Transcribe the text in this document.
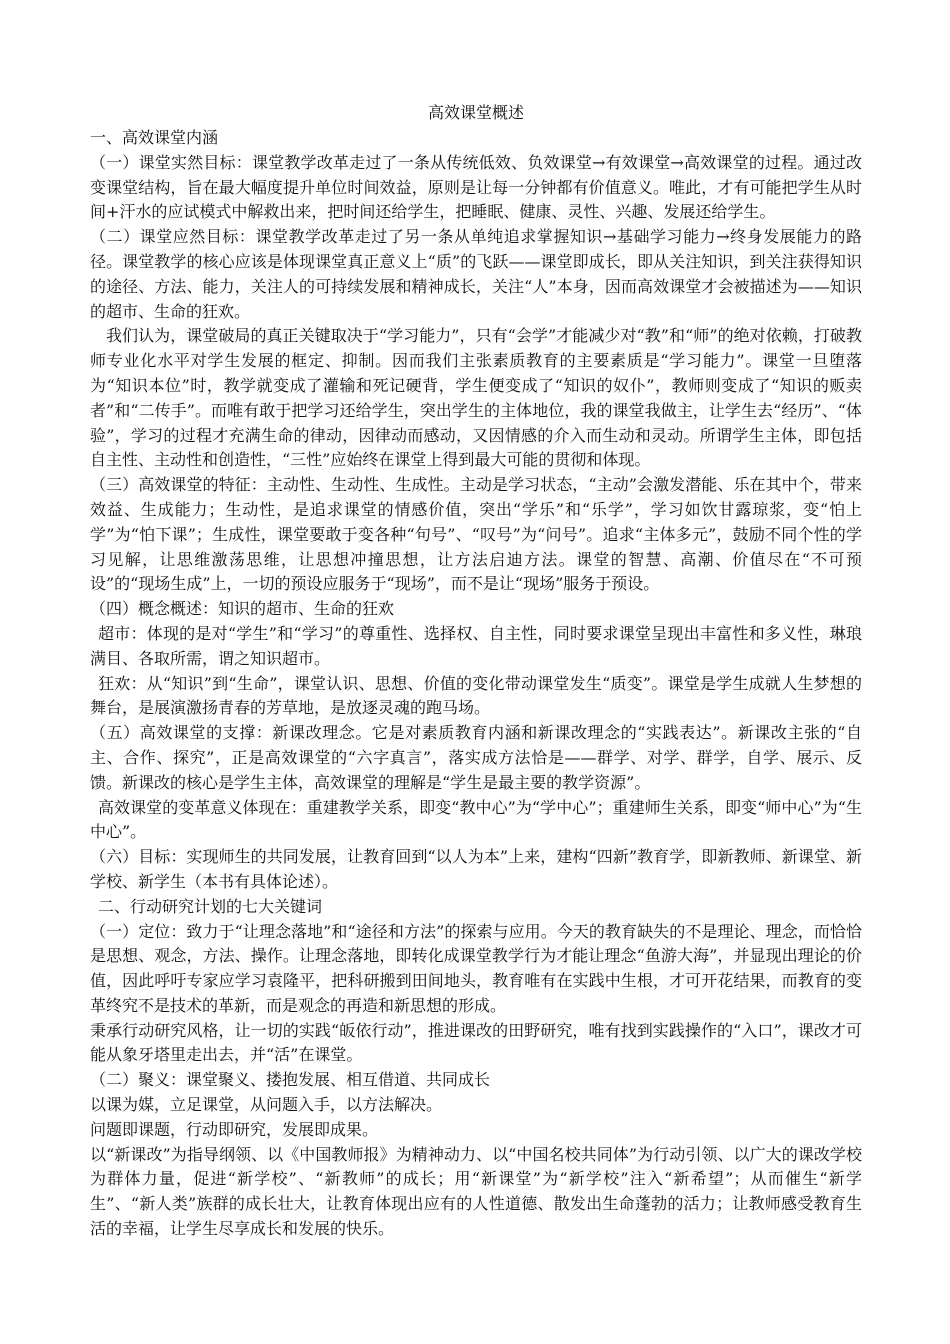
高效课堂概述

一、高效课堂内涵

（一）课堂实然目标：课堂教学改革走过了一条从传统低效、负效课堂→有效课堂→高效课堂的过程。通过改变课堂结构，旨在最大幅度提升单位时间效益，原则是让每一分钟都有价值意义。唯此，才有可能把学生从时间+汗水的应试模式中解救出来，把时间还给学生，把睡眠、健康、灵性、兴趣、发展还给学生。

（二）课堂应然目标：课堂教学改革走过了另一条从单纯追求掌握知识→基础学习能力→终身发展能力的路径。课堂教学的核心应该是体现课堂真正意义上“质”的飞跃——课堂即成长，即从关注知识，到关注获得知识的途径、方法、能力，关注人的可持续发展和精神成长，关注“人”本身，因而高效课堂才会被描述为——知识的超市、生命的狂欢。

我们认为，课堂破局的真正关键取决于“学习能力”，只有“会学”才能减少对“教”和“师”的绝对依赖，打破教师专业化水平对学生发展的框定、抑制。因而我们主张素质教育的主要素质是“学习能力”。课堂一旦堕落为“知识本位”时，教学就变成了灌输和死记硬背，学生便变成了“知识的奴仆”，教师则变成了“知识的贩卖者”和“二传手”。而唯有敢于把学习还给学生，突出学生的主体地位，我的课堂我做主，让学生去“经历”、“体验”，学习的过程才充满生命的律动，因律动而感动，又因情感的介入而生动和灵动。所谓学生主体，即包括自主性、主动性和创造性，“三性”应始终在课堂上得到最大可能的贯彻和体现。

（三）高效课堂的特征：主动性、生动性、生成性。主动是学习状态，“主动”会激发潜能、乐在其中个，带来效益、生成能力；生动性，是追求课堂的情感价值，突出“学乐”和“乐学”，学习如饮甘露琼浆，变“怕上学”为“怕下课”；生成性，课堂要敢于变各种“句号”、“叹号”为“问号”。追求“主体多元”，鼓励不同个性的学习见解，让思维激荡思维，让思想冲撞思想，让方法启迪方法。课堂的智慧、高潮、价值尽在“不可预设”的“现场生成”上，一切的预设应服务于“现场”，而不是让“现场”服务于预设。

（四）概念概述：知识的超市、生命的狂欢

超市：体现的是对“学生”和“学习”的尊重性、选择权、自主性，同时要求课堂呈现出丰富性和多义性，琳琅满目、各取所需，谓之知识超市。

狂欢：从“知识”到“生命”，课堂认识、思想、价值的变化带动课堂发生“质变”。课堂是学生成就人生梦想的舞台，是展演激扬青春的芳草地，是放逐灵魂的跑马场。

（五）高效课堂的支撑：新课改理念。它是对素质教育内涵和新课改理念的“实践表达”。新课改主张的“自主、合作、探究”，正是高效课堂的“六字真言”，落实成方法恰是——群学、对学、群学，自学、展示、反馈。新课改的核心是学生主体，高效课堂的理解是“学生是最主要的教学资源”。

高效课堂的变革意义体现在：重建教学关系，即变“教中心”为“学中心”；重建师生关系，即变“师中心”为“生中心”。

（六）目标：实现师生的共同发展，让教育回到“以人为本”上来，建构“四新”教育学，即新教师、新课堂、新学校、新学生（本书有具体论述）。

二、行动研究计划的七大关键词

（一）定位：致力于“让理念落地”和“途径和方法”的探索与应用。今天的教育缺失的不是理论、理念，而恰恰是思想、观念，方法、操作。让理念落地，即转化成课堂教学行为才能让理念“鱼游大海”，并显现出理论的价值，因此呼吁专家应学习袁隆平，把科研搬到田间地头，教育唯有在实践中生根，才可开花结果，而教育的变革终究不是技术的革新，而是观念的再造和新思想的形成。

秉承行动研究风格，让一切的实践“皈依行动”，推进课改的田野研究，唯有找到实践操作的“入口”，课改才可能从象牙塔里走出去，并“活”在课堂。

（二）聚义：课堂聚义、搂抱发展、相互借道、共同成长

以课为媒，立足课堂，从问题入手，以方法解决。

问题即课题，行动即研究，发展即成果。

以“新课改”为指导纲领、以《中国教师报》为精神动力、以“中国名校共同体”为行动引领、以广大的课改学校为群体力量，促进“新学校”、“新教师”的成长；用“新课堂”为“新学校”注入“新希望”；从而催生“新学生”、“新人类”族群的成长壮大，让教育体现出应有的人性道德、散发出生命蓬勃的活力；让教师感受教育生活的幸福，让学生尽享成长和发展的快乐。
